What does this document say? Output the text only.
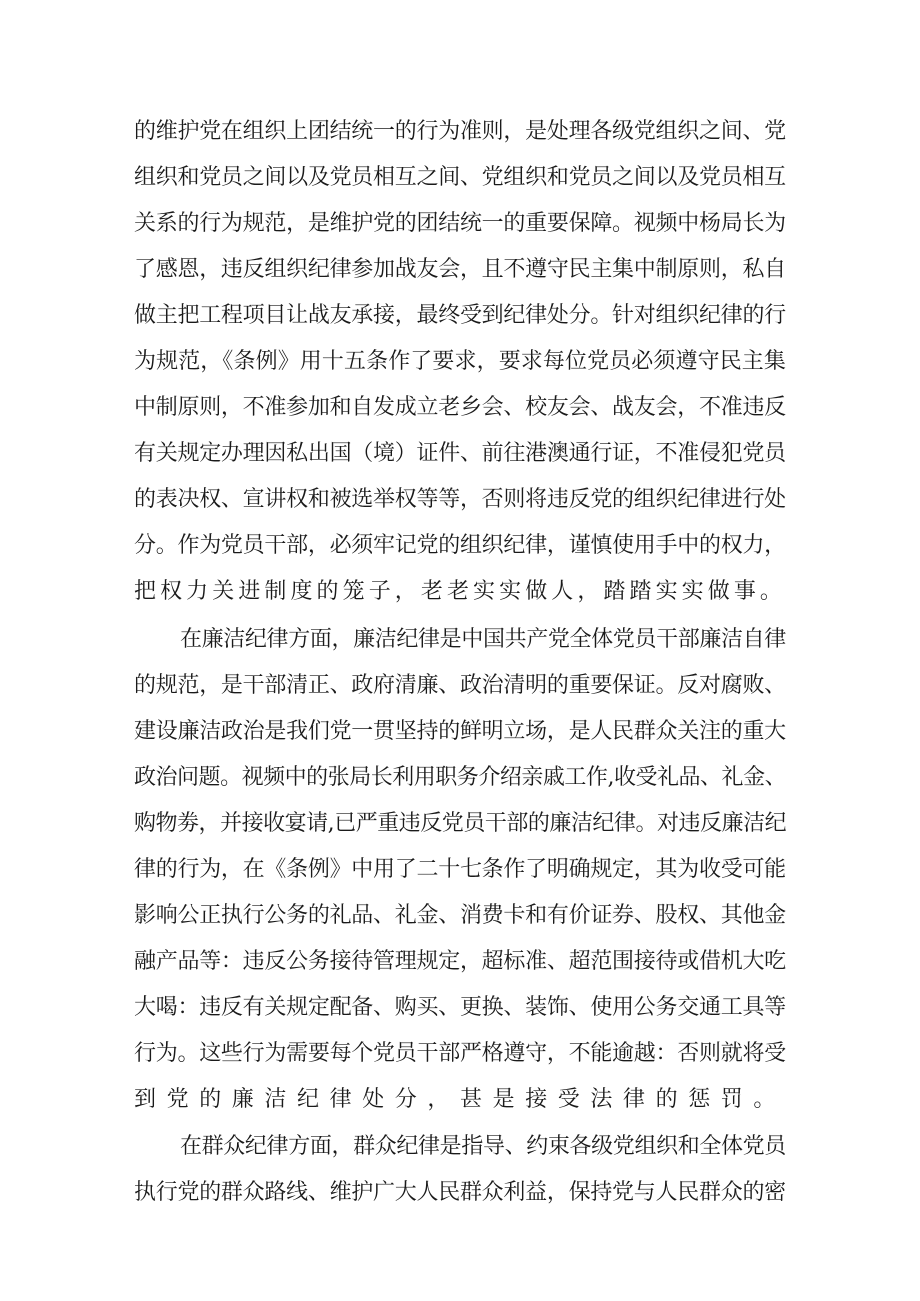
的维护党在组织上团结统一的行为准则，是处理各级党组织之间、党
组织和党员之间以及党员相互之间、党组织和党员之间以及党员相互
关系的行为规范，是维护党的团结统一的重要保障。视频中杨局长为
了感恩，违反组织纪律参加战友会，且不遵守民主集中制原则，私自
做主把工程项目让战友承接，最终受到纪律处分。针对组织纪律的行
为规范，《条例》用十五条作了要求，要求每位党员必须遵守民主集
中制原则，不准参加和自发成立老乡会、校友会、战友会，不准违反
有关规定办理因私出国（境）证件、前往港澳通行证，不准侵犯党员
的表决权、宣讲权和被选举权等等，否则将违反党的组织纪律进行处
分。作为党员干部，必须牢记党的组织纪律，谨慎使用手中的权力，
把权力关进制度的笼子，老老实实做人，踏踏实实做事。
在廉洁纪律方面，廉洁纪律是中国共产党全体党员干部廉洁自律
的规范，是干部清正、政府清廉、政治清明的重要保证。反对腐败、
建设廉洁政治是我们党一贯坚持的鲜明立场，是人民群众关注的重大
政治问题。视频中的张局长利用职务介绍亲戚工作,收受礼品、礼金、
购物劵，并接收宴请,已严重违反党员干部的廉洁纪律。对违反廉洁纪
律的行为，在《条例》中用了二十七条作了明确规定，其为收受可能
影响公正执行公务的礼品、礼金、消费卡和有价证券、股权、其他金
融产品等：违反公务接待管理规定，超标准、超范围接待或借机大吃
大喝：违反有关规定配备、购买、更换、装饰、使用公务交通工具等
行为。这些行为需要每个党员干部严格遵守，不能逾越：否则就将受
到党的廉洁纪律处分，甚是接受法律的惩罚。
在群众纪律方面，群众纪律是指导、约束各级党组织和全体党员
执行党的群众路线、维护广大人民群众利益，保持党与人民群众的密
